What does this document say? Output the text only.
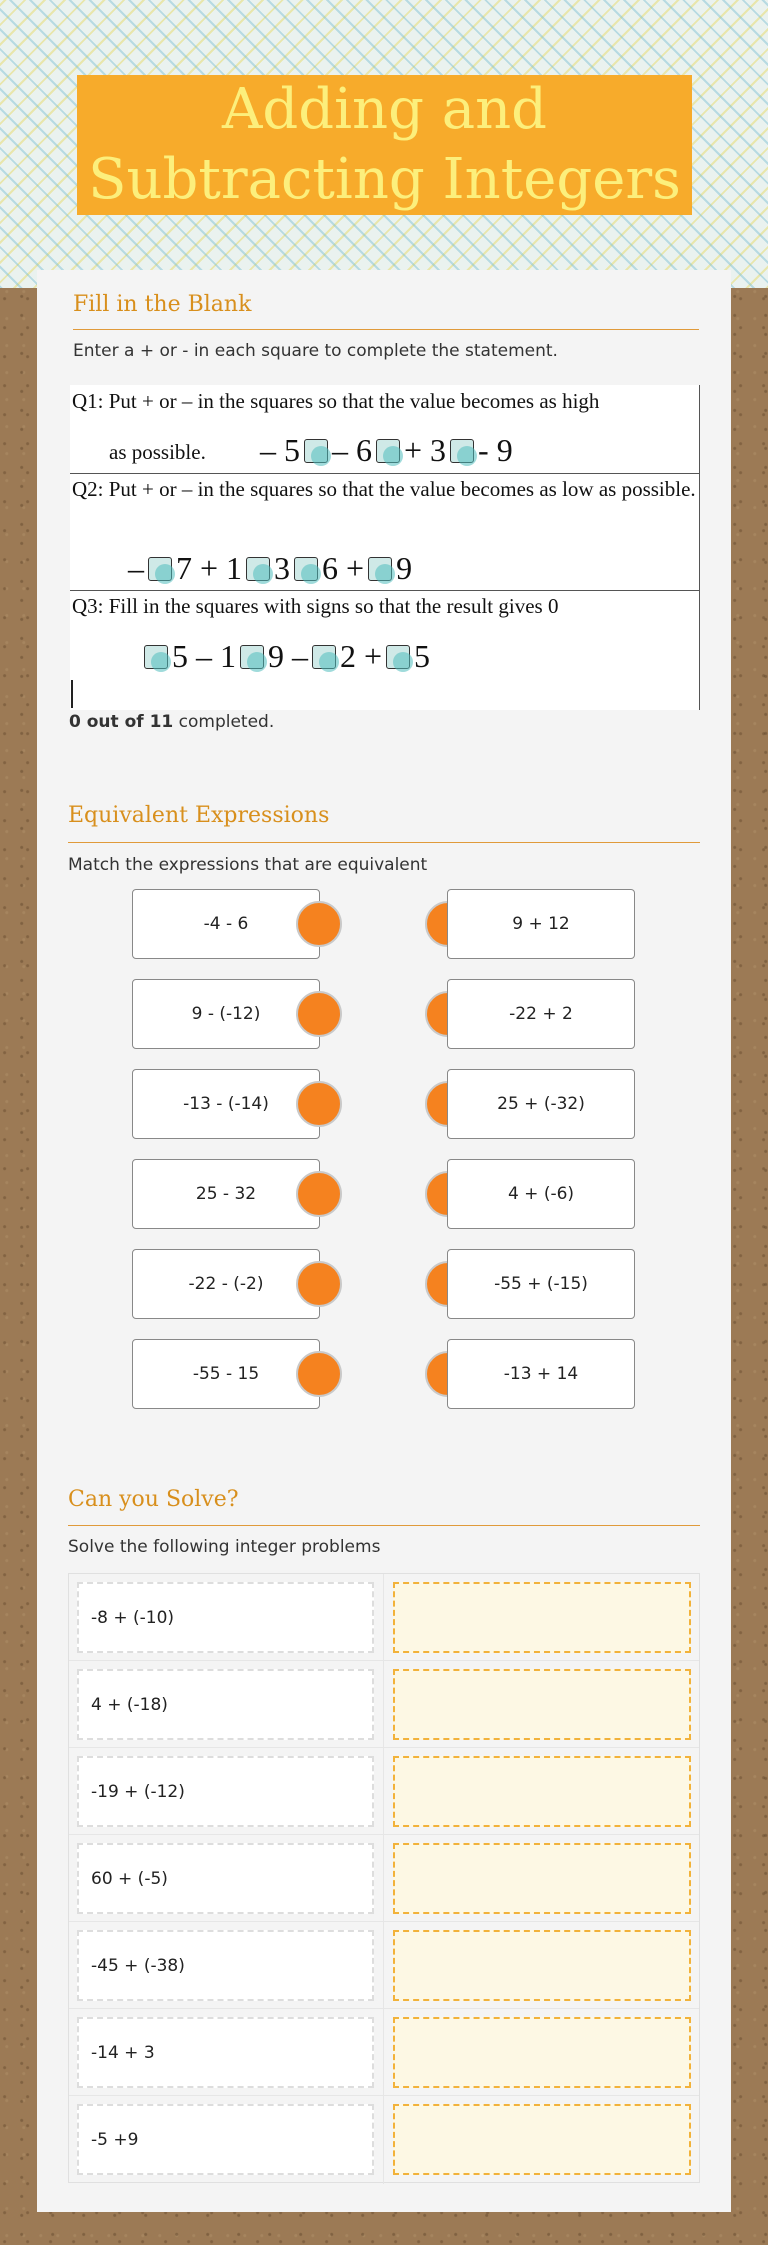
Adding and Subtracting Integers
Fill in the Blank
Enter a + or - in each square to complete the statement.
Q1: Put + or – in the squares so that the value becomes as high
as possible. – 5 – 6 + 3 - 9
Q2: Put + or – in the squares so that the value becomes as low as possible.
– 7 + 1 3 6 + 9
Q3: Fill in the squares with signs so that the result gives 0
5 – 1 9 – 2 + 5
0 out of 11 completed.
Equivalent Expressions
Match the expressions that are equivalent
-4 - 6	9 + 12
9 - (-12)	-22 + 2
-13 - (-14)	25 + (-32)
25 - 32	4 + (-6)
-22 - (-2)	-55 + (-15)
-55 - 15	-13 + 14
Can you Solve?
Solve the following integer problems
-8 + (-10)
4 + (-18)
-19 + (-12)
60 + (-5)
-45 + (-38)
-14 + 3
-5 +9
